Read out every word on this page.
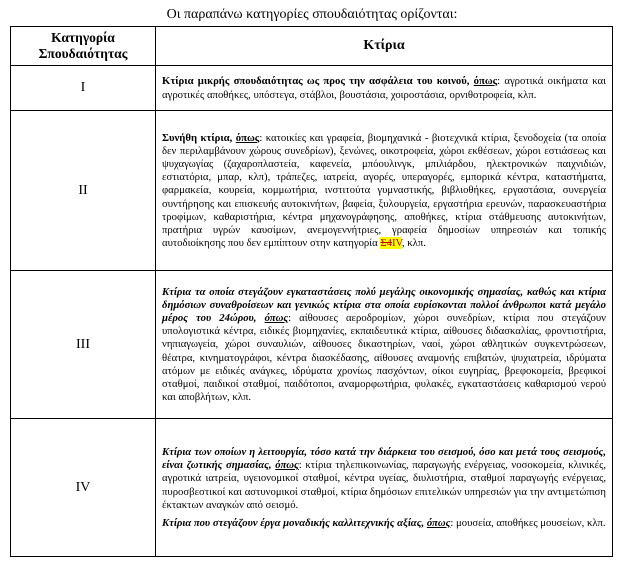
Οι παραπάνω κατηγορίες σπουδαιότητας ορίζονται:
Κατηγορία Σπουδαιότητας	Κτίρια
I	Κτίρια μικρής σπουδαιότητας ως προς την ασφάλεια του κοινού, όπως: αγροτικά οικήματα και αγροτικές αποθήκες, υπόστεγα, στάβλοι, βουστάσια, χοιροστάσια, ορνιθοτροφεία, κλπ.

II	Συνήθη κτίρια, όπως: κατοικίες και γραφεία, βιομηχανικά - βιοτεχνικά κτίρια, ξενοδοχεία (τα οποία δεν περιλαμβάνουν χώρους συνεδρίων), ξενώνες, οικοτροφεία, χώροι εκθέσεων, χώροι εστιάσεως και ψυχαγωγίας (ζαχαροπλαστεία, καφενεία, μπόουλινγκ, μπιλιάρδου, ηλεκτρονικών παιχνιδιών, εστιατόρια, μπαρ, κλπ), τράπεζες, ιατρεία, αγορές, υπεραγορές, εμπορικά κέντρα, καταστήματα, φαρμακεία, κουρεία, κομμωτήρια, ινστιτούτα γυμναστικής, βιβλιοθήκες, εργαστάσια, συνεργεία συντήρησης και επισκευής αυτοκινήτων, βαφεία, ξυλουργεία, εργαστήρια ερευνών, παρασκευαστήρια τροφίμων, καθαριστήρια, κέντρα μηχανογράφησης, αποθήκες, κτίρια στάθμευσης αυτοκινήτων, πρατήρια υγρών καυσίμων, ανεμογεννήτριες, γραφεία δημοσίων υπηρεσιών και τοπικής αυτοδιοίκησης που δεν εμπίπτουν στην κατηγορία Σ4IV, κλπ.

III	Κτίρια τα οποία στεγάζουν εγκαταστάσεις πολύ μεγάλης οικονομικής σημασίας, καθώς και κτίρια δημόσιων συναθροίσεων και γενικώς κτίρια στα οποία ευρίσκονται πολλοί άνθρωποι κατά μεγάλο μέρος του 24ώρου, όπως: αίθουσες αεροδρομίων, χώροι συνεδρίων, κτίρια που στεγάζουν υπολογιστικά κέντρα, ειδικές βιομηχανίες, εκπαιδευτικά κτίρια, αίθουσες διδασκαλίας, φροντιστήρια, νηπιαγωγεία, χώροι συναυλιών, αίθουσες δικαστηρίων, ναοί, χώροι αθλητικών συγκεντρώσεων, θέατρα, κινηματογράφοι, κέντρα διασκέδασης, αίθουσες αναμονής επιβατών, ψυχιατρεία, ιδρύματα ατόμων με ειδικές ανάγκες, ιδρύματα χρονίως πασχόντων, οίκοι ευγηρίας, βρεφοκομεία, βρεφικοί σταθμοί, παιδικοί σταθμοί, παιδότοποι, αναμορφωτήρια, φυλακές, εγκαταστάσεις καθαρισμού νερού και αποβλήτων, κλπ.

IV	Κτίρια των οποίων η λειτουργία, τόσο κατά την διάρκεια του σεισμού, όσο και μετά τους σεισμούς, είναι ζωτικής σημασίας, όπως: κτίρια τηλεπικοινωνίας, παραγωγής ενέργειας, νοσοκομεία, κλινικές, αγροτικά ιατρεία, υγειονομικοί σταθμοί, κέντρα υγείας, διυλιστήρια, σταθμοί παραγωγής ενέργειας, πυροσβεστικοί και αστυνομικοί σταθμοί, κτίρια δημόσιων επιτελικών υπηρεσιών για την αντιμετώπιση έκτακτων αναγκών από σεισμό.

Κτίρια που στεγάζουν έργα μοναδικής καλλιτεχνικής αξίας, όπως: μουσεία, αποθήκες μουσείων, κλπ.
